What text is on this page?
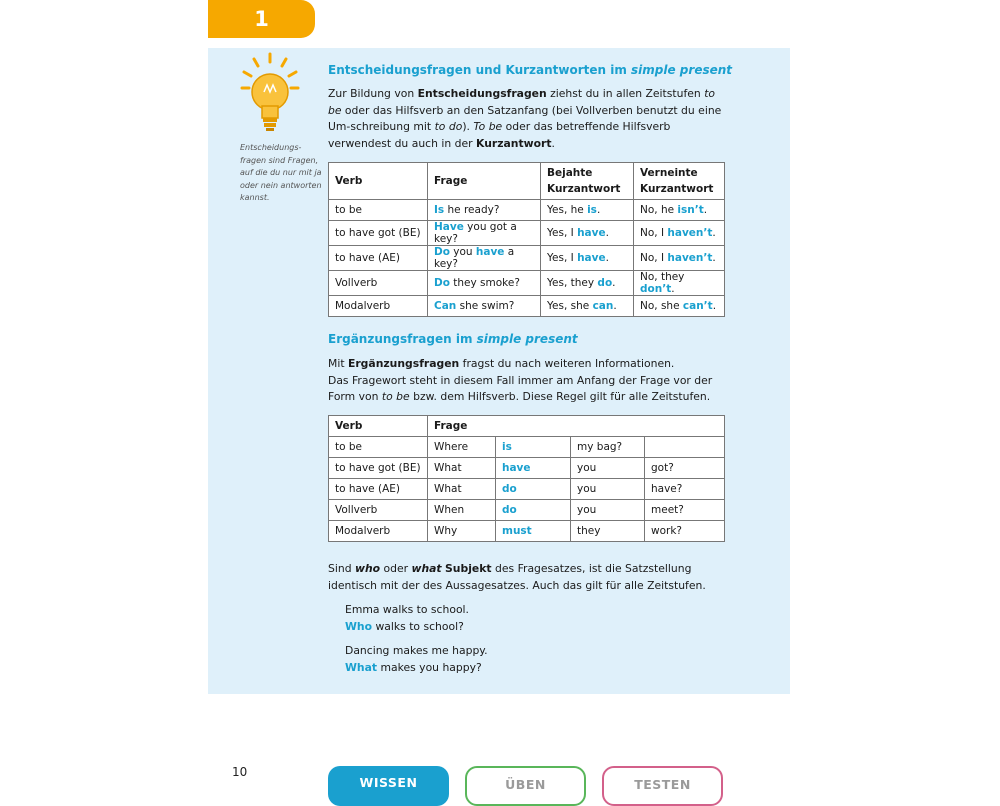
1
Entscheidungs-fragen sind Fragen, auf die du nur mit ja oder nein antworten kannst.
Entscheidungsfragen und Kurzantworten im simple present
Zur Bildung von Entscheidungsfragen ziehst du in allen Zeitstufen to be oder das Hilfsverb an den Satzanfang (bei Vollverben benutzt du eine Um-schreibung mit to do). To be oder das betreffende Hilfsverb verwendest du auch in der Kurzantwort.
Verb	Frage	Bejahte Kurzantwort	Verneinte Kurzantwort
to be	Is he ready?	Yes, he is.	No, he isn’t.
to have got (BE)	Have you got a key?	Yes, I have.	No, I haven’t.
to have (AE)	Do you have a key?	Yes, I have.	No, I haven’t.
Vollverb	Do they smoke?	Yes, they do.	No, they don’t.
Modalverb	Can she swim?	Yes, she can.	No, she can’t.
Ergänzungsfragen im simple present

Mit Ergänzungsfragen fragst du nach weiteren Informationen.

Das Fragewort steht in diesem Fall immer am Anfang der Frage vor der Form von to be bzw. dem Hilfsverb. Diese Regel gilt für alle Zeitstufen.

Verb	Frage			
to be	Where	is	my bag?	
to have got (BE)	What	have	you	got?
to have (AE)	What	do	you	have?
Vollverb	When	do	you	meet?
Modalverb	Why	must	they	work?
Sind who oder what Subjekt des Fragesatzes, ist die Satzstellung identisch mit der des Aussagesatzes. Auch das gilt für alle Zeitstufen.
Emma walks to school.
Who walks to school?
Dancing makes me happy.
What makes you happy?
10
WISSEN	ÜBEN	TESTEN
